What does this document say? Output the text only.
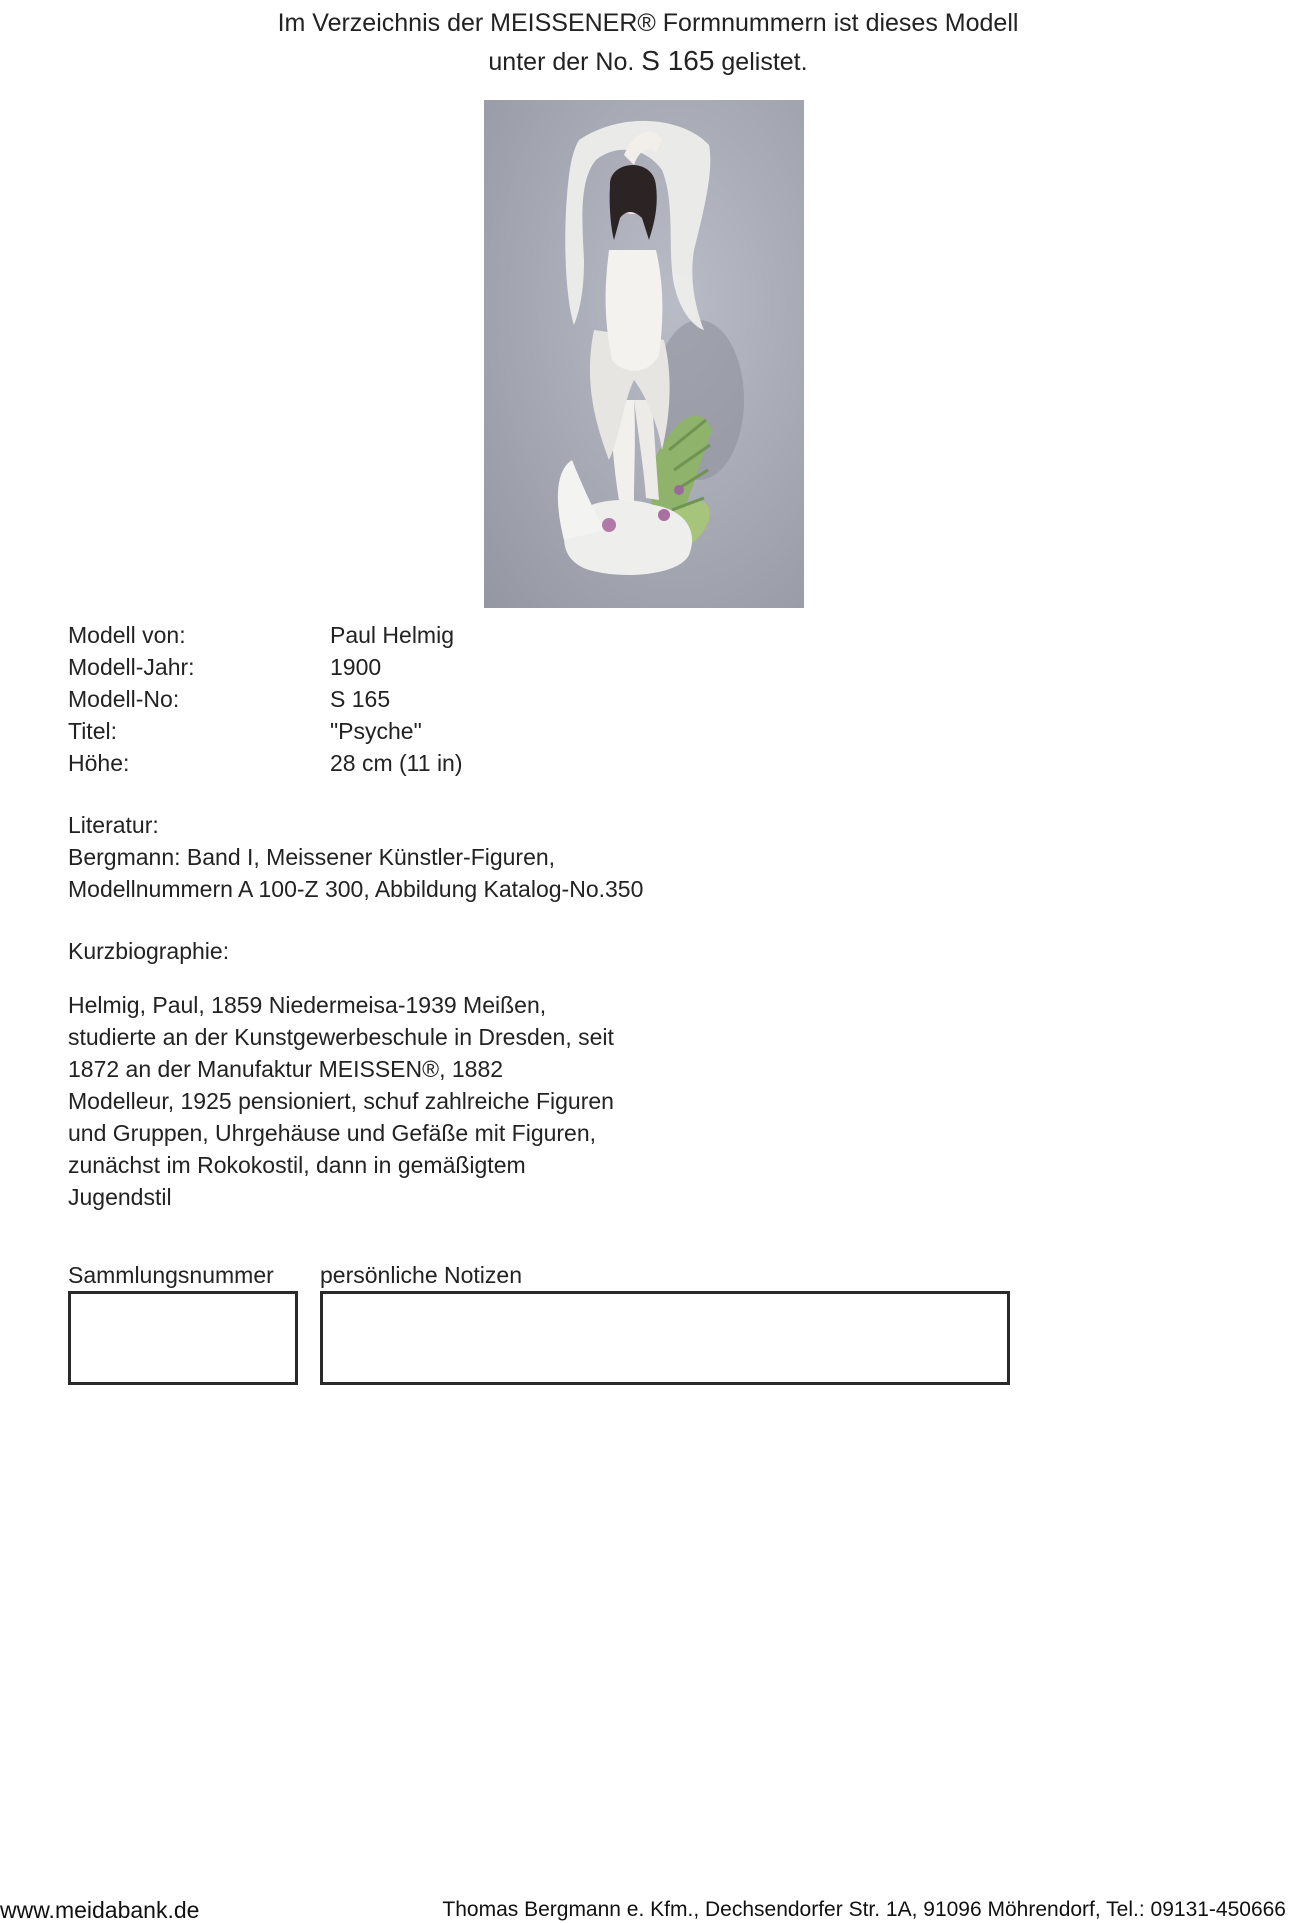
Im Verzeichnis der MEISSENER® Formnummern ist dieses Modell
unter der No. S 165 gelistet.
Modell von:	Paul Helmig
Modell-Jahr:	1900
Modell-No:	S 165
Titel:	"Psyche"
Höhe:	28 cm (11 in)
Literatur:
Bergmann: Band I, Meissener Künstler-Figuren,
Modellnummern A 100-Z 300, Abbildung Katalog-No.350
Kurzbiographie:
Helmig, Paul, 1859 Niedermeisa-1939 Meißen,
studierte an der Kunstgewerbeschule in Dresden, seit
1872 an der Manufaktur MEISSEN®, 1882
Modelleur, 1925 pensioniert, schuf zahlreiche Figuren
und Gruppen, Uhrgehäuse und Gefäße mit Figuren,
zunächst im Rokokostil, dann in gemäßigtem
Jugendstil
Sammlungsnummer persönliche Notizen
www.meidabank.de	Thomas Bergmann e. Kfm., Dechsendorfer Str. 1A, 91096 Möhrendorf, Tel.: 09131-450666
